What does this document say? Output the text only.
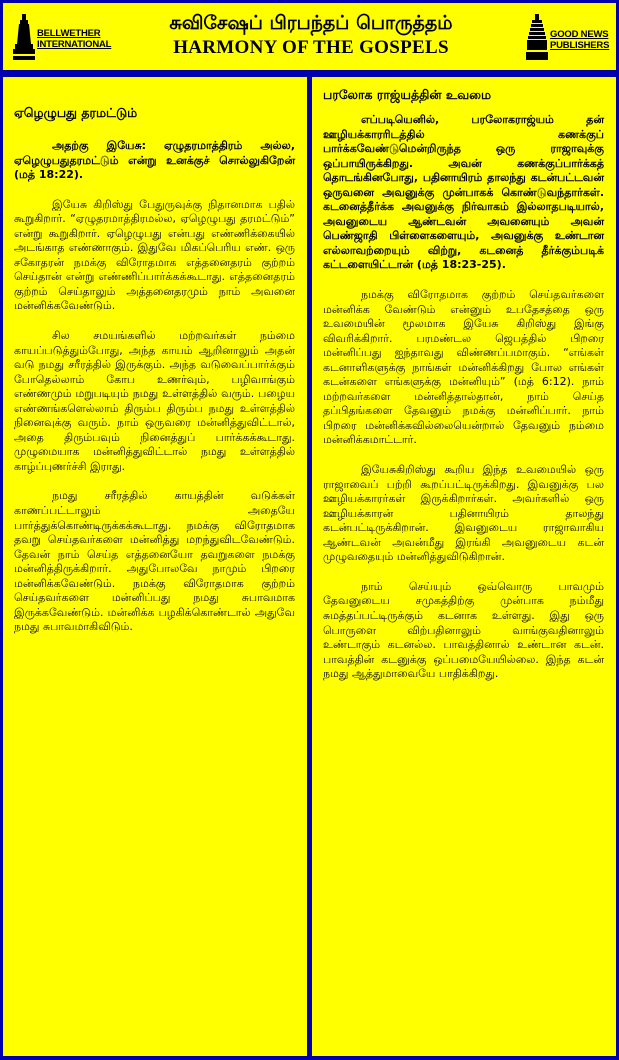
BELLWETHER
INTERNATIONAL
சுவிசேஷப் பிரபந்தப் பொருத்தம்
HARMONY OF THE GOSPELS
GOOD NEWS
PUBLISHERS
ஏழெழுபது தரமட்டும்

அதற்கு இயேசு: ஏழுதரமாத்திரம் அல்ல, ஏழெழுபதுதரமட்டும் என்று உனக்குச் சொல்லுகிறேன் (மத் 18:22).

இயேசு கிறிஸ்து பேதுருவுக்கு நிதானமாக பதில் கூறுகிறார். “ஏழுதரமாத்திரமல்ல, ஏழெழுபது தரமட்டும்” என்று கூறுகிறார். ஏழெழுபது என்பது எண்ணிக்கையில் அடங்காத எண்ணாகும். இதுவே மிகப்பெரிய எண். ஒரு சகோதரன் நமக்கு விரோதமாக எத்தனைதரம் குற்றம் செய்தான் என்று எண்ணிப்பார்க்கக்கூடாது. எத்தனைதரம் குற்றம் செய்தாலும் அத்தனைதரமும் நாம் அவனை மன்னிக்கவேண்டும்.

சில சமயங்களில் மற்றவர்கள் நம்மை காயப்படுத்தும்போது, அந்த காயம் ஆறினாலும் அதன் வடு நமது சரீரத்தில் இருக்கும். அந்த வடுவைப்பார்க்கும் போதெல்லாம் கோப உணர்வும், பழிவாங்கும் எண்ணமும் மறுபடியும் நமது உள்ளத்தில் வரும். பழைய எண்ணங்களெல்லாம் திரும்ப திரும்ப நமது உள்ளத்தில் நினைவுக்கு வரும். நாம் ஒருவரை மன்னித்துவிட்டால், அதை திரும்பவும் நினைத்துப் பார்க்கக்கூடாது. முழுமையாக மன்னித்துவிட்டால் நமது உள்ளத்தில் காழ்ப்புணர்ச்சி இராது.

நமது சரீரத்தில் காயத்தின் வடுக்கள் காணப்பட்டாலும் அதையே பார்த்துக்கொண்டிருக்கக்கூடாது. நமக்கு விரோதமாக தவறு செய்தவர்களை மன்னித்து மறந்துவிடவேண்டும். தேவன் நாம் செய்த எத்தனையோ தவறுகளை நமக்கு மன்னித்திருக்கிறார். அதுபோலவே நாமும் பிறரை மன்னிக்கவேண்டும். நமக்கு விரோதமாக குற்றம் செய்தவர்களை மன்னிப்பது நமது சுபாவமாக இருக்கவேண்டும். மன்னிக்க பழகிக்கொண்டால் அதுவே நமது சுபாவமாகிவிடும்.

பரலோக ராஜ்யத்தின் உவமை

எப்படியெனில், பரலோகராஜ்யம் தன் ஊழியக்காரரிடத்தில் கணக்குப் பார்க்கவேண்டுமென்றிருந்த ஒரு ராஜாவுக்கு ஒப்பாயிருக்கிறது. அவன் கணக்குப்பார்க்கத் தொடங்கினபோது, பதினாயிரம் தாலந்து கடன்பட்டவன் ஒருவனை அவனுக்கு முன்பாகக் கொண்டுவந்தார்கள். கடனைத்தீர்க்க அவனுக்கு நிர்வாகம் இல்லாதபடியால், அவனுடைய ஆண்டவன் அவனையும் அவன் பெண்ஜாதி பிள்ளைகளையும், அவனுக்கு உண்டான எல்லாவற்றையும் விற்று, கடனைத் தீர்க்கும்படிக் கட்டளையிட்டான் (மத் 18:23-25).

நமக்கு விரோதமாக குற்றம் செய்தவர்களை மன்னிக்க வேண்டும் என்னும் உபதேசத்தை ஒரு உவமையின் மூலமாக இயேசு கிறிஸ்து இங்கு விவரிக்கிறார். பரமண்டல ஜெபத்தில் பிறரை மன்னிப்பது ஐந்தாவது விண்ணப்பமாகும். “எங்கள் கடனாளிகளுக்கு நாங்கள் மன்னிக்கிறது போல எங்கள் கடன்களை எங்களுக்கு மன்னியும்” (மத் 6:12). நாம் மற்றவர்களை மன்னித்தால்தான், நாம் செய்த தப்பிதங்களை தேவனும் நமக்கு மன்னிப்பார். நாம் பிறரை மன்னிக்கவில்லையென்றால் தேவனும் நம்மை மன்னிக்கமாட்டார்.

இயேசுகிறிஸ்து கூறிய இந்த உவமையில் ஒரு ராஜாவைப் பற்றி கூறப்பட்டிருக்கிறது. இவனுக்கு பல ஊழியக்காரர்கள் இருக்கிறார்கள். அவர்களில் ஒரு ஊழியக்காரன் பதினாயிரம் தாலந்து கடன்பட்டிருக்கிறான். இவனுடைய ராஜாவாகிய ஆண்டவன் அவன்மீது இரங்கி அவனுடைய கடன் முழுவதையும் மன்னித்துவிடுகிறான்.

நாம் செய்யும் ஒவ்வொரு பாவமும் தேவனுடைய சமுகத்திற்கு முன்பாக நம்மீது சுமத்தப்பட்டிருக்கும் கடனாக உள்ளது. இது ஒரு பொருளை விற்பதினாலும் வாங்குவதினாலும் உண்டாகும் கடனல்ல. பாவத்தினால் உண்டான கடன். பாவத்தின் கடனுக்கு ஒப்பமையேயில்லை. இந்த கடன் நமது ஆத்துமாவையே பாதிக்கிறது.
